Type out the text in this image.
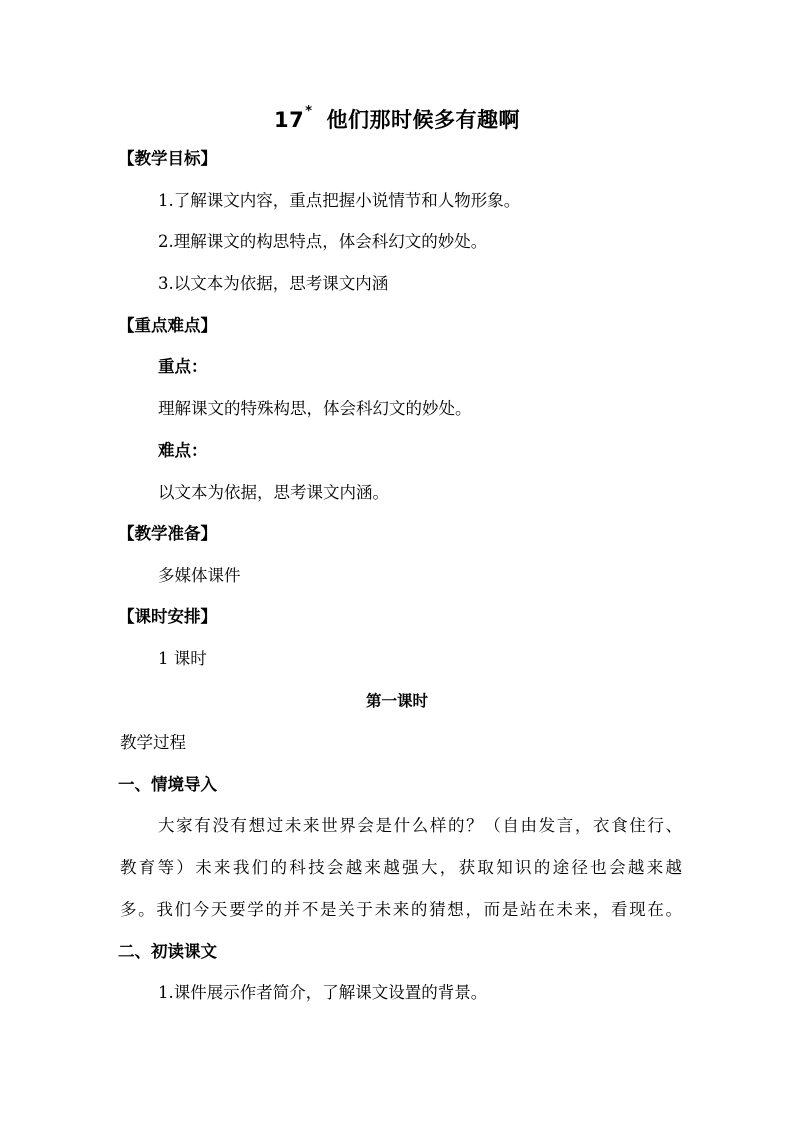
17* 他们那时候多有趣啊
【教学目标】
1.了解课文内容，重点把握小说情节和人物形象。
2.理解课文的构思特点，体会科幻文的妙处。
3.以文本为依据，思考课文内涵
【重点难点】
重点：
理解课文的特殊构思，体会科幻文的妙处。
难点：
以文本为依据，思考课文内涵。
【教学准备】
多媒体课件
【课时安排】
1 课时
第一课时
教学过程
一、情境导入
大家有没有想过未来世界会是什么样的？（自由发言，衣食住行、
教育等）未来我们的科技会越来越强大，获取知识的途径也会越来越
多。我们今天要学的并不是关于未来的猜想，而是站在未来，看现在。
二、初读课文
1.课件展示作者简介，了解课文设置的背景。
